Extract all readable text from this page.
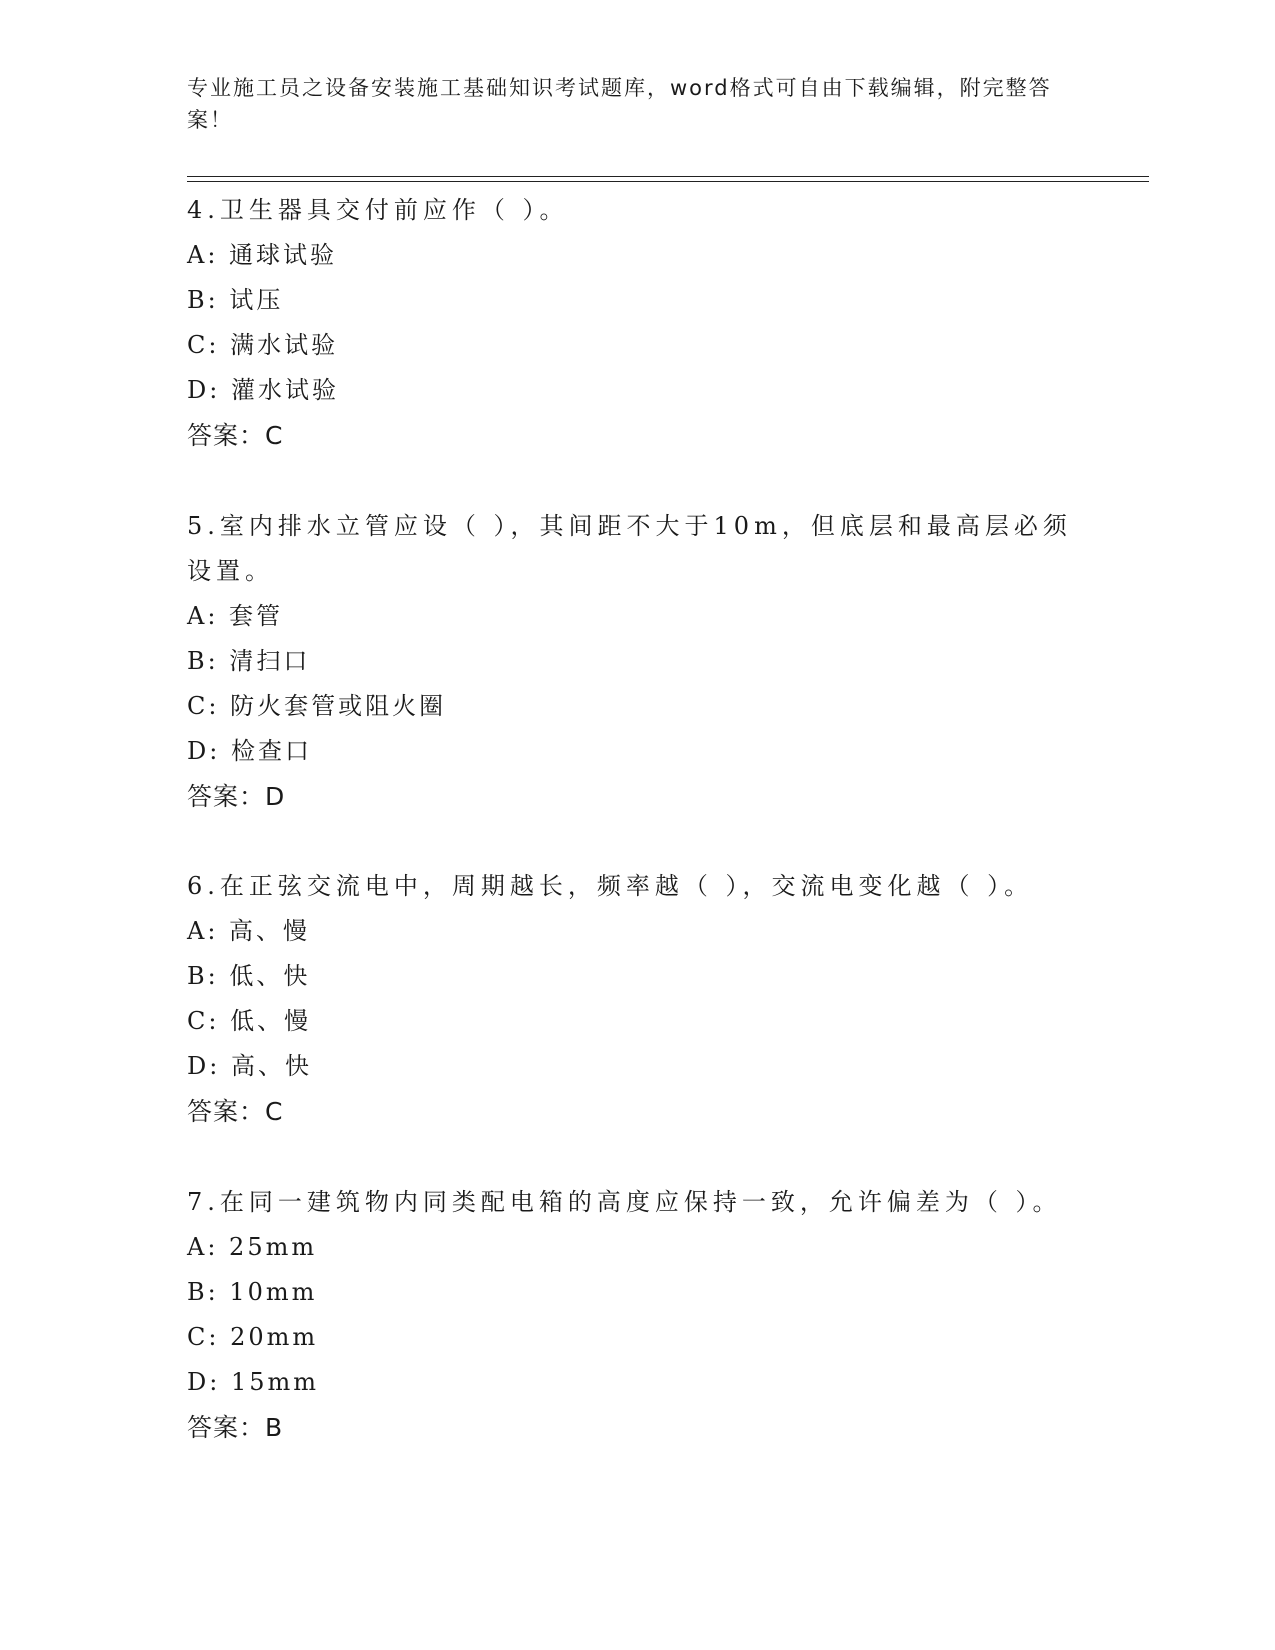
专业施工员之设备安装施工基础知识考试题库，word格式可自由下载编辑，附完整答案！
4.卫生器具交付前应作（ ）。
A: 通球试验
B: 试压
C: 满水试验
D: 灌水试验
答案：C
5.室内排水立管应设（ ），其间距不大于10m，但底层和最高层必须设置。
A: 套管
B: 清扫口
C: 防火套管或阻火圈
D: 检查口
答案：D
6.在正弦交流电中，周期越长，频率越（ ），交流电变化越（ ）。
A: 高、慢
B: 低、快
C: 低、慢
D: 高、快
答案：C
7.在同一建筑物内同类配电箱的高度应保持一致，允许偏差为（ ）。
A: 25mm
B: 10mm
C: 20mm
D: 15mm
答案：B
